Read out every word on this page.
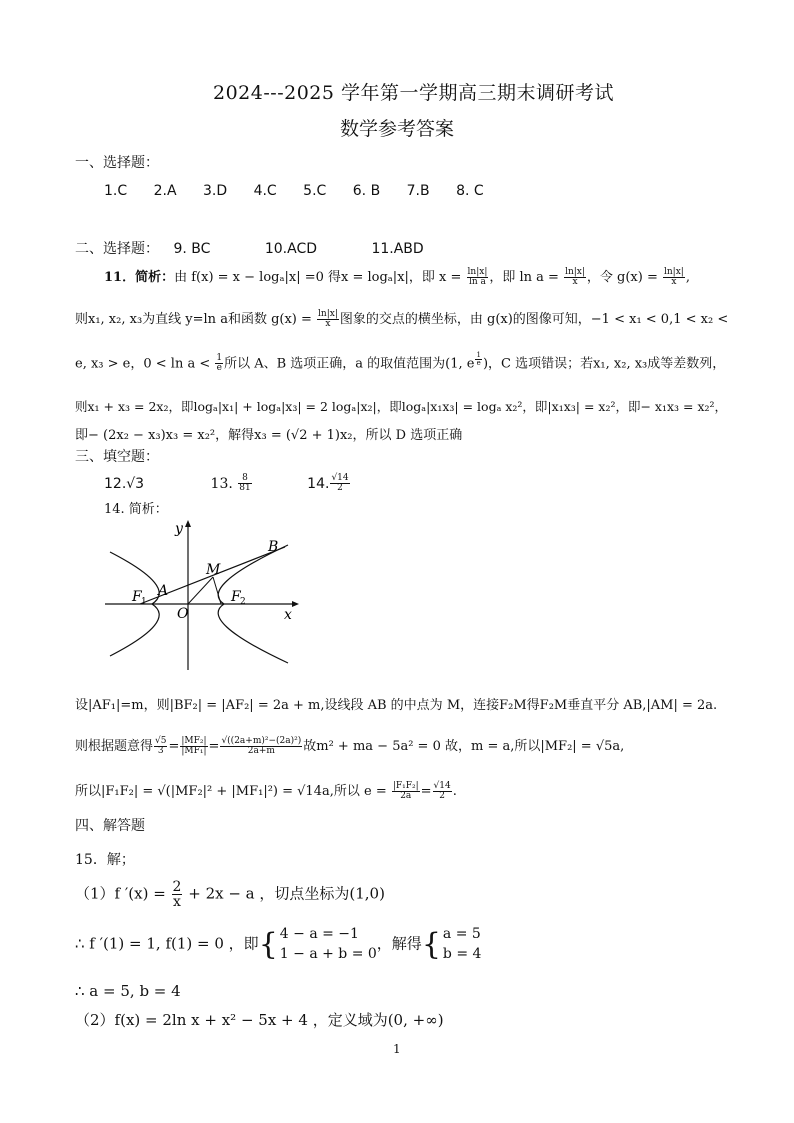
2024---2025 学年第一学期高三期末调研考试
数学参考答案
一、选择题：
1.C 2.A 3.D 4.C 5.C 6. B 7.B 8. C
二、选择题： 9. BC	10.ACD	11.ABD
11．简析：由 f(x) = x − logₐ|x| =0 得x = logₐ|x|，即 $x = \frac{\ln|x|}{\text{ln a}}$ ，即 $\ln a = \frac{\ln|x|}{x}$ ，令 $g(x) = \frac{\ln|x|}{x}$ ,
则x₁, x₂, x₃为直线 y=ln a和函数 $g(x) = \frac{\ln|x|}{x}$ 图象的交点的横坐标，由 g(x)的图像可知，−1 < x₁ < 0,1 < x₂ <
e, x₃ > e，$0 < \ln a < \frac{1}{e}$ 所以 A、B 选项正确，a 的取值范围为(1, e $^{\frac{1}{e}}$ )，C 选项错误；若x₁, x₂, x₃成等差数列，
则x₁ + x₃ = 2x₂，即logₐ|x₁| + logₐ|x₃| = 2 logₐ|x₂|，即logₐ|x₁x₃| = logₐ x₂²，即|x₁x₃| = x₂²，即− x₁x₃ = x₂²，
即− (2x₂ − x₃)x₃ = x₂²，解得x₃ = (√2 + 1)x₂，所以 D 选项正确
三、填空题：
12.√3	13. $\frac{8}{81}$	14. $\frac{√14}{2}$
14. 简析：
y
x
O
A
B
M
F 1	F 2
设|AF₁|=m，则|BF₂| = |AF₂| = 2a + m,设线段 AB 的中点为 M，连接F₂M得F₂M垂直平分 AB,|AM| = 2a.
则根据题意得 $\frac{√5}{3} = \frac{\text{|MF₂|}}{\text{|MF₁|}} = \frac{\text{√((2a+m)²−(2a)²)}}{2a+m}$ 故m² + ma − 5a² = 0 故，m = a,所以|MF₂| = √5a,
所以|F₁F₂| = √(|MF₂|² + |MF₁|²) = √14a,所以 $e = \frac{\text{|F₁F₂|}}{2a} = \frac{√14}{2}$ .
四、解答题
15．解；
（1）f $'(x) = \frac{2}{x} + 2x - a$ ，切点坐标为(1,0)
∴ f ′(1) = 1, f(1) = 0 ，即{ 4 − a = −1
1 − a + b = 0
，解得{ a = 5
b = 4
∴ a = 5, b = 4
（2）f(x) = 2ln x + x² − 5x + 4 ，定义域为(0, +∞)
1
